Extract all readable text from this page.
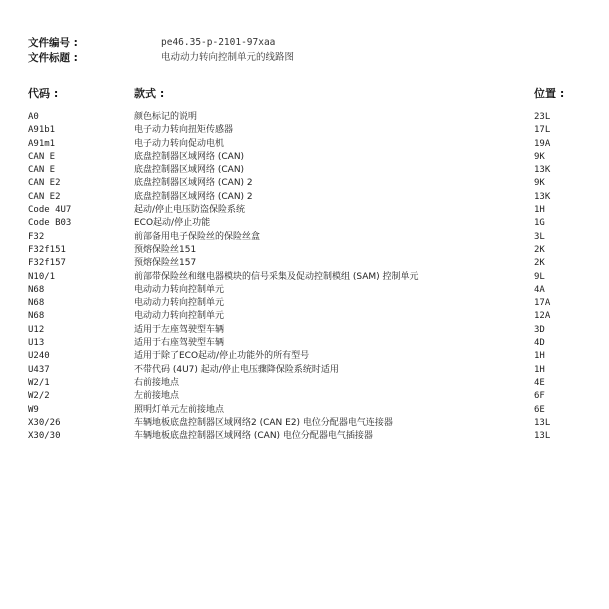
文件编号 :	pe46.35-p-2101-97xaa
文件标题 :	电动动力转向控制单元的线路图
代码 :	款式 :	位置 :
A0	颜色标记的说明	23L
A91b1	电子动力转向扭矩传感器	17L
A91m1	电子动力转向促动电机	19A
CAN E	底盘控制器区域网络 (CAN)	9K
CAN E	底盘控制器区域网络 (CAN)	13K
CAN E2	底盘控制器区域网络 (CAN) 2	9K
CAN E2	底盘控制器区域网络 (CAN) 2	13K
Code 4U7	起动/停止电压防盗保险系统	1H
Code B03	ECO起动/停止功能	1G
F32	前部备用电子保险丝的保险丝盒	3L
F32f151	预熔保险丝151	2K
F32f157	预熔保险丝157	2K
N10/1	前部带保险丝和继电器模块的信号采集及促动控制模组 (SAM) 控制单元	9L
N68	电动动力转向控制单元	4A
N68	电动动力转向控制单元	17A
N68	电动动力转向控制单元	12A
U12	适用于左座驾驶型车辆	3D
U13	适用于右座驾驶型车辆	4D
U240	适用于除了ECO起动/停止功能外的所有型号	1H
U437	不带代码 (4U7) 起动/停止电压骤降保险系统时适用	1H
W2/1	右前接地点	4E
W2/2	左前接地点	6F
W9	照明灯单元左前接地点	6E
X30/26	车辆地板底盘控制器区域网络2 (CAN E2) 电位分配器电气连接器	13L
X30/30	车辆地板底盘控制器区域网络 (CAN) 电位分配器电气插接器	13L
